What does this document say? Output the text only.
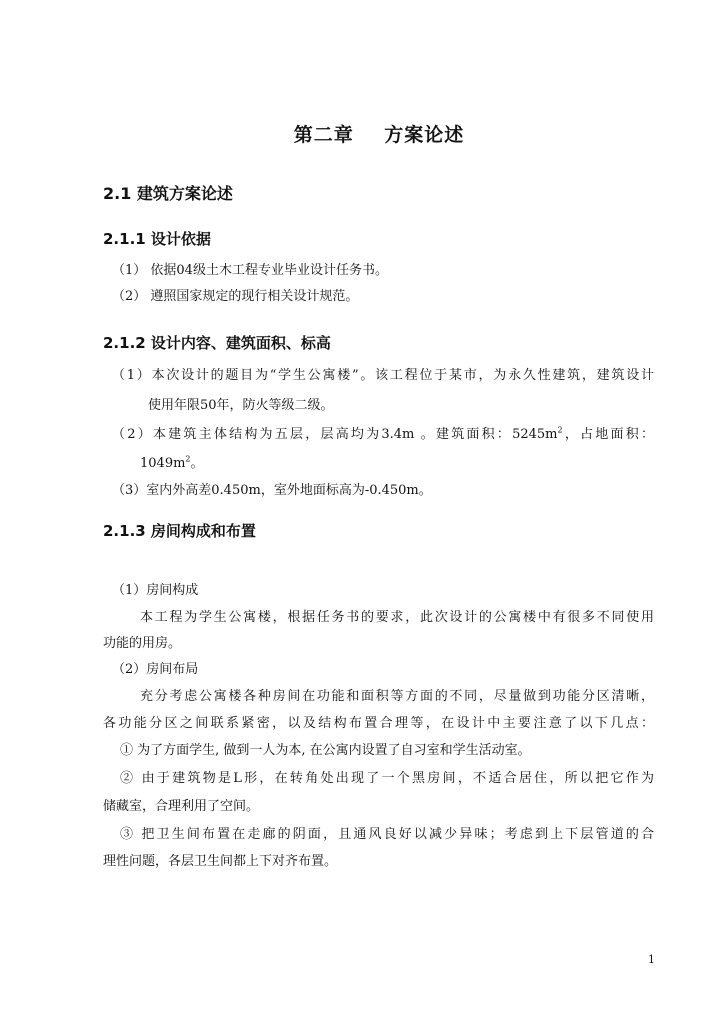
第二章    方案论述
2.1 建筑方案论述
2.1.1 设计依据

（1） 依据04级土木工程专业毕业设计任务书。

（2） 遵照国家规定的现行相关设计规范。

2.1.2 设计内容、建筑面积、标高

（1）本次设计的题目为“学生公寓楼”。该工程位于某市，为永久性建筑，建筑设计

使用年限50年，防火等级二级。

（2）本建筑主体结构为五层，层高均为3.4m 。建筑面积：$5245m^2$，占地面积：

$1049m^2$。

（3）室内外高差0.450m，室外地面标高为-0.450m。

2.1.3 房间构成和布置

（1）房间构成

本工程为学生公寓楼，根据任务书的要求，此次设计的公寓楼中有很多不同使用

功能的用房。

（2）房间布局

充分考虑公寓楼各种房间在功能和面积等方面的不同，尽量做到功能分区清晰，

各功能分区之间联系紧密，以及结构布置合理等，在设计中主要注意了以下几点：

① 为了方面学生, 做到一人为本, 在公寓内设置了自习室和学生活动室。

② 由于建筑物是L形，在转角处出现了一个黑房间，不适合居住，所以把它作为

储藏室，合理利用了空间。

③ 把卫生间布置在走廊的阴面，且通风良好以减少异味；考虑到上下层管道的合

理性问题，各层卫生间都上下对齐布置。

1
